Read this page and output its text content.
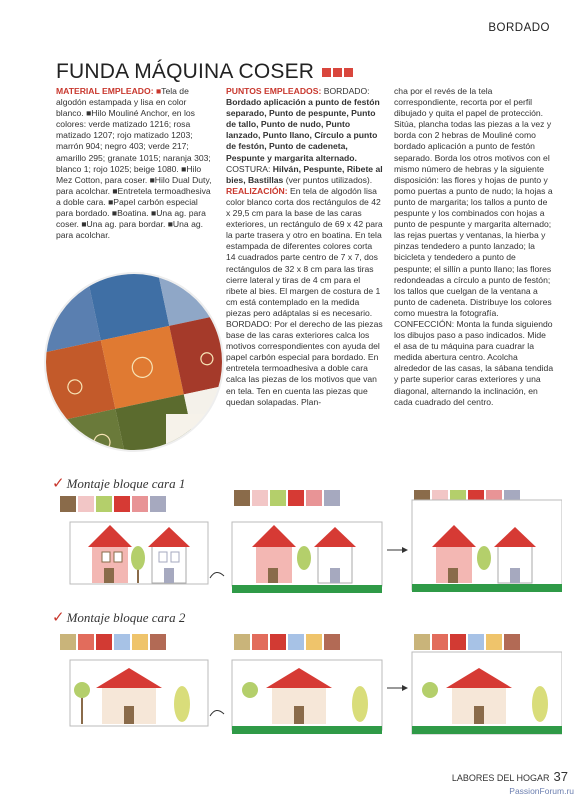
BORDADO
FUNDA MÁQUINA COSER
MATERIAL EMPLEADO: ■Tela de algodón estampada y lisa en color blanco. ■Hilo Mouliné Anchor, en los colores: verde matizado 1216; rosa matizado 1207; rojo matizado 1203; marrón 904; negro 403; verde 217; amarillo 295; granate 1015; naranja 303; blanco 1; rojo 1025; beige 1080. ■Hilo Mez Cotton, para coser. ■Hilo Dual Duty, para acolchar. ■Entretela termoadhesiva a doble cara. ■Papel carbón especial para bordado. ■Boatina. ■Una ag. para coser. ■Una ag. para bordar. ■Una ag. para acolchar.
PUNTOS EMPLEADOS: BORDADO: Bordado aplicación a punto de festón separado, Punto de pespunte, Punto de tallo, Punto de nudo, Punto lanzado, Punto llano, Círculo a punto de festón, Punto de cadeneta, Pespunte y margarita alternado. COSTURA: Hilván, Pespunte, Ribete al bies, Bastillas (ver puntos utilizados).
REALIZACIÓN: En tela de algodón lisa color blanco corta dos rectángulos de 42 x 29,5 cm para la base de las caras exteriores, un rectángulo de 69 x 42 para la parte trasera y otro en boatina. En tela estampada de diferentes colores corta 14 cuadrados parte centro de 7 x 7, dos rectángulos de 32 x 8 cm para las tiras cierre lateral y tiras de 4 cm para el ribete al bies. El margen de costura de 1 cm está contemplado en la medida piezas pero adáptalas si es necesario. BORDADO: Por el derecho de las piezas base de las caras exteriores calca los motivos correspondientes con ayuda del papel carbón especial para bordado. En entretela termoadhesiva a doble cara calca las piezas de los motivos que van en tela. Ten en cuenta las piezas que quedan solapadas. Plan-
cha por el revés de la tela correspondiente, recorta por el perfil dibujado y quita el papel de protección. Sitúa, plancha todas las piezas a la vez y borda con 2 hebras de Mouliné como bordado aplicación a punto de festón separado. Borda los otros motivos con el mismo número de hebras y la siguiente disposición: las flores y hojas de punto y pomo puertas a punto de nudo; la hojas a punto de margarita; los tallos a punto de pespunte y los combinados con hojas a punto de pespunte y margarita alternado; las rejas puertas y ventanas, la hierba y pinzas tendedero a punto lanzado; la bicicleta y tendedero a punto de pespunte; el sillín a punto llano; las flores redondeadas a círculo a punto de festón; los tallos que cuelgan de la ventana a punto de cadeneta. Distribuye los colores como muestra la fotografía. CONFECCIÓN: Monta la funda siguiendo los dibujos paso a paso indicados. Mide el asa de tu máquina para cuadrar la medida abertura centro. Acolcha alrededor de las casas, la sábana tendida y parte superior caras exteriores y una diagonal, alternando la inclinación, en cada cuadrado del centro.
✓ Montaje bloque cara 1
✓ Montaje bloque cara 2
LABORES DEL HOGAR 37
PassionForum.ru
